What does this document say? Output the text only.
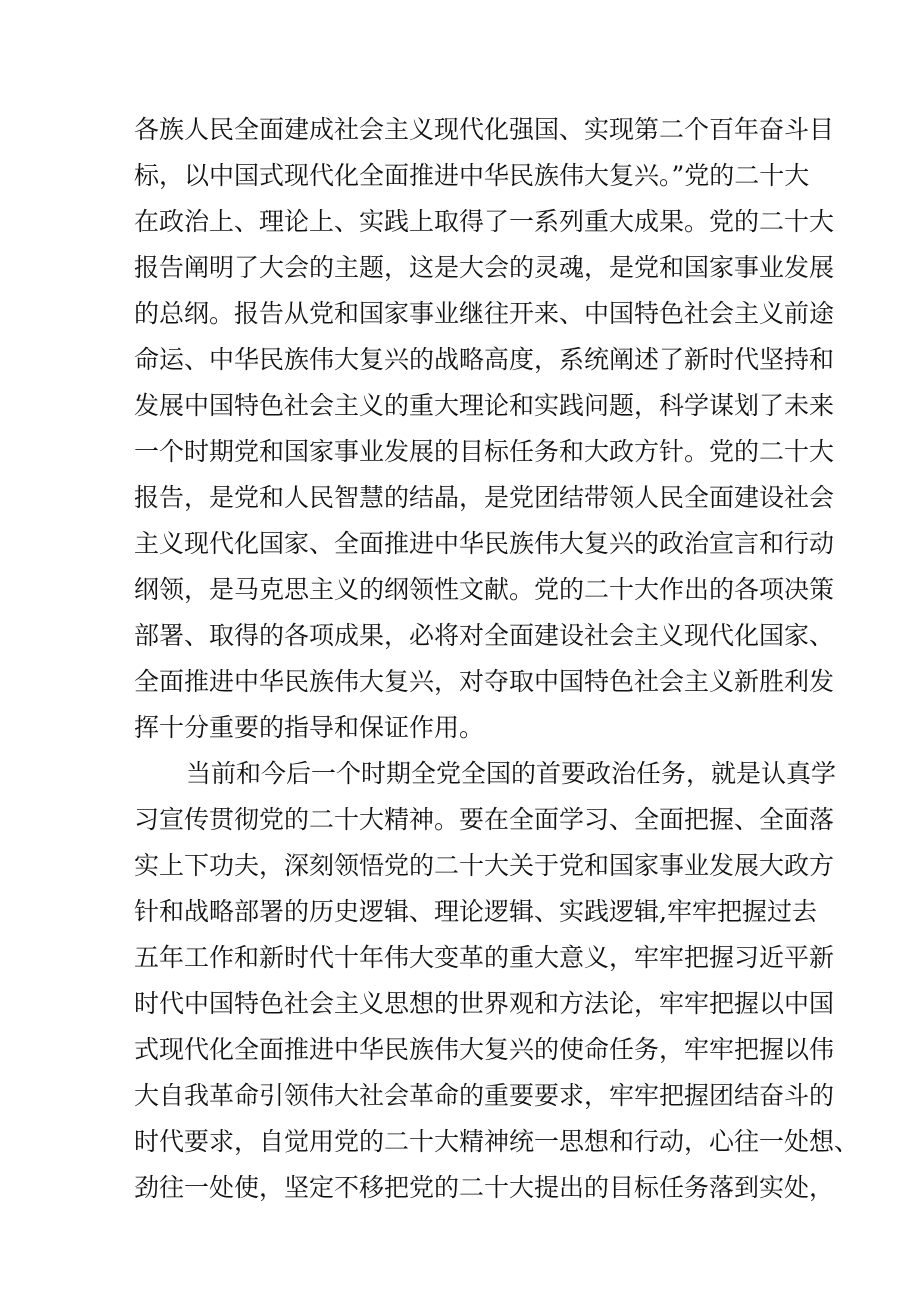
各族人民全面建成社会主义现代化强国、实现第二个百年奋斗目
标，以中国式现代化全面推进中华民族伟大复兴。”党的二十大
在政治上、理论上、实践上取得了一系列重大成果。党的二十大
报告阐明了大会的主题，这是大会的灵魂，是党和国家事业发展
的总纲。报告从党和国家事业继往开来、中国特色社会主义前途
命运、中华民族伟大复兴的战略高度，系统阐述了新时代坚持和
发展中国特色社会主义的重大理论和实践问题，科学谋划了未来
一个时期党和国家事业发展的目标任务和大政方针。党的二十大
报告，是党和人民智慧的结晶，是党团结带领人民全面建设社会
主义现代化国家、全面推进中华民族伟大复兴的政治宣言和行动
纲领，是马克思主义的纲领性文献。党的二十大作出的各项决策
部署、取得的各项成果，必将对全面建设社会主义现代化国家、
全面推进中华民族伟大复兴，对夺取中国特色社会主义新胜利发
挥十分重要的指导和保证作用。
当前和今后一个时期全党全国的首要政治任务，就是认真学
习宣传贯彻党的二十大精神。要在全面学习、全面把握、全面落
实上下功夫，深刻领悟党的二十大关于党和国家事业发展大政方
针和战略部署的历史逻辑、理论逻辑、实践逻辑,牢牢把握过去
五年工作和新时代十年伟大变革的重大意义，牢牢把握习近平新
时代中国特色社会主义思想的世界观和方法论，牢牢把握以中国
式现代化全面推进中华民族伟大复兴的使命任务，牢牢把握以伟
大自我革命引领伟大社会革命的重要要求，牢牢把握团结奋斗的
时代要求，自觉用党的二十大精神统一思想和行动，心往一处想、
劲往一处使，坚定不移把党的二十大提出的目标任务落到实处，
